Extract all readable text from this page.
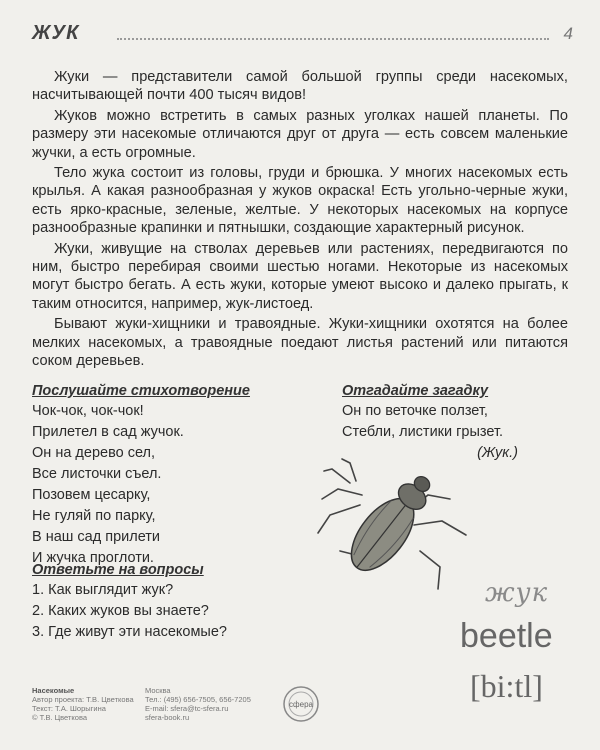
ЖУК	4

Жуки — представители самой большой группы среди насекомых, насчитывающей почти 400 тысяч видов!

Жуков можно встретить в самых разных уголках нашей планеты. По размеру эти насекомые отличаются друг от друга — есть совсем маленькие жучки, а есть огромные.

Тело жука состоит из головы, груди и брюшка. У многих насекомых есть крылья. А какая разнообразная у жуков окраска! Есть угольно-черные жуки, есть ярко-красные, зеленые, желтые. У некоторых насекомых на корпусе разнообразные крапинки и пятнышки, создающие характерный рисунок.

Жуки, живущие на стволах деревьев или растениях, передвигаются по ним, быстро перебирая своими шестью ногами. Некоторые из насекомых могут быстро бегать. А есть жуки, которые умеют высоко и далеко прыгать, к таким относится, например, жук-листоед.

Бывают жуки-хищники и травоядные. Жуки-хищники охотятся на более мелких насекомых, а травоядные поедают листья растений или питаются соком деревьев.

Послушайте стихотворение
Чок-чок, чок-чок!
Прилетел в сад жучок.
Он на дерево сел,
Все листочки съел.
Позовем цесарку,
Не гуляй по парку,
В наш сад прилети
И жучка проглоти.
Отгадайте загадку
Он по веточке ползет,
Стебли, листики грызет.
(Жук.)
Ответьте на вопросы
1. Как выглядит жук?
2. Каких жуков вы знаете?
3. Где живут эти насекомые?
жук
beetle
[bi:tl]
Насекомые
Автор проекта: Т.В. Цветкова
Текст: Т.А. Шорыгина
© Т.В. Цветкова
Москва
Тел.: (495) 656-7505, 656-7205
E-mail: sfera@tc-sfera.ru
sfera-book.ru
сфера
